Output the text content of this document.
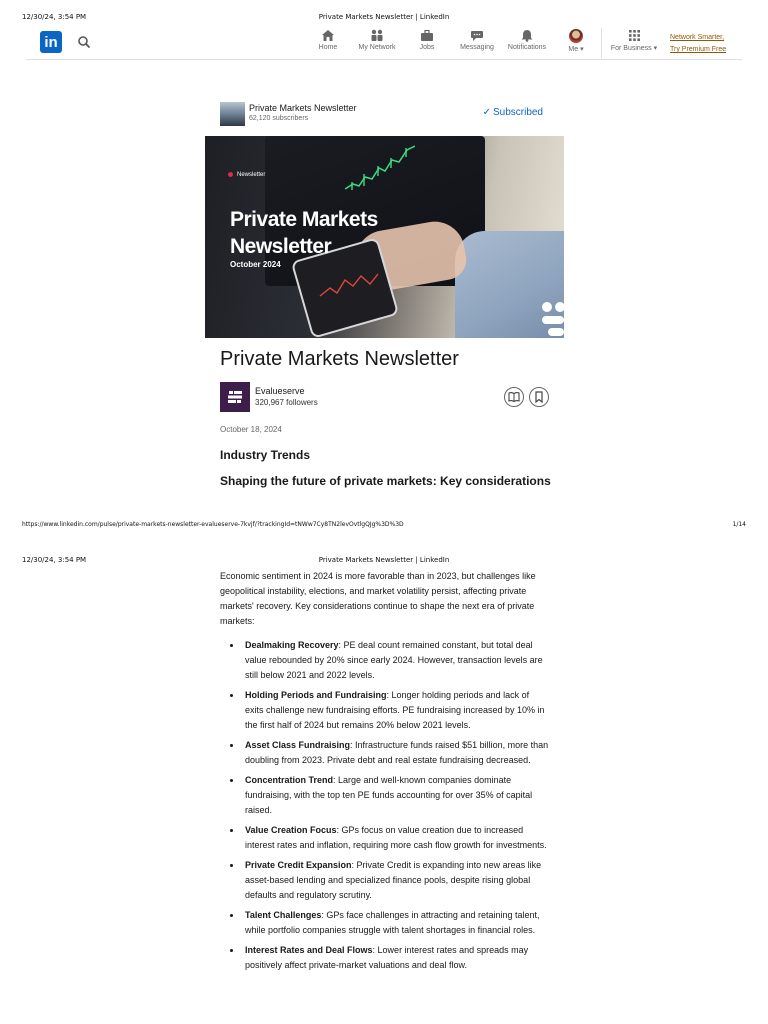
12/30/24, 3:54 PM	Private Markets Newsletter | LinkedIn
in	Home	My Network	Jobs	Messaging	Notifications	Me ▾	For Business ▾
Network Smarter,
Try Premium Free
Private Markets Newsletter
62,120 subscribers
✓ Subscribed
Newsletter
Private Markets
Newsletter
October 2024
Private Markets Newsletter
Evalueserve
320,967 followers
October 18, 2024
Industry Trends
Shaping the future of private markets: Key considerations
https://www.linkedin.com/pulse/private-markets-newsletter-evalueserve-7kvjf/?trackingId=tNWw7Cy8TN2levOvtlgQJg%3D%3D	1/14
12/30/24, 3:54 PM	Private Markets Newsletter | LinkedIn

Economic sentiment in 2024 is more favorable than in 2023, but challenges like geopolitical instability, elections, and market volatility persist, affecting private markets' recovery. Key considerations continue to shape the next era of private markets:

Dealmaking Recovery: PE deal count remained constant, but total deal value rebounded by 20% since early 2024. However, transaction levels are still below 2021 and 2022 levels.
Holding Periods and Fundraising: Longer holding periods and lack of exits challenge new fundraising efforts. PE fundraising increased by 10% in the first half of 2024 but remains 20% below 2021 levels.
Asset Class Fundraising: Infrastructure funds raised $51 billion, more than doubling from 2023. Private debt and real estate fundraising decreased.
Concentration Trend: Large and well-known companies dominate fundraising, with the top ten PE funds accounting for over 35% of capital raised.
Value Creation Focus: GPs focus on value creation due to increased interest rates and inflation, requiring more cash flow growth for investments.
Private Credit Expansion: Private Credit is expanding into new areas like asset-based lending and specialized finance pools, despite rising global defaults and regulatory scrutiny.
Talent Challenges: GPs face challenges in attracting and retaining talent, while portfolio companies struggle with talent shortages in financial roles.
Interest Rates and Deal Flows: Lower interest rates and spreads may positively affect private-market valuations and deal flow.
